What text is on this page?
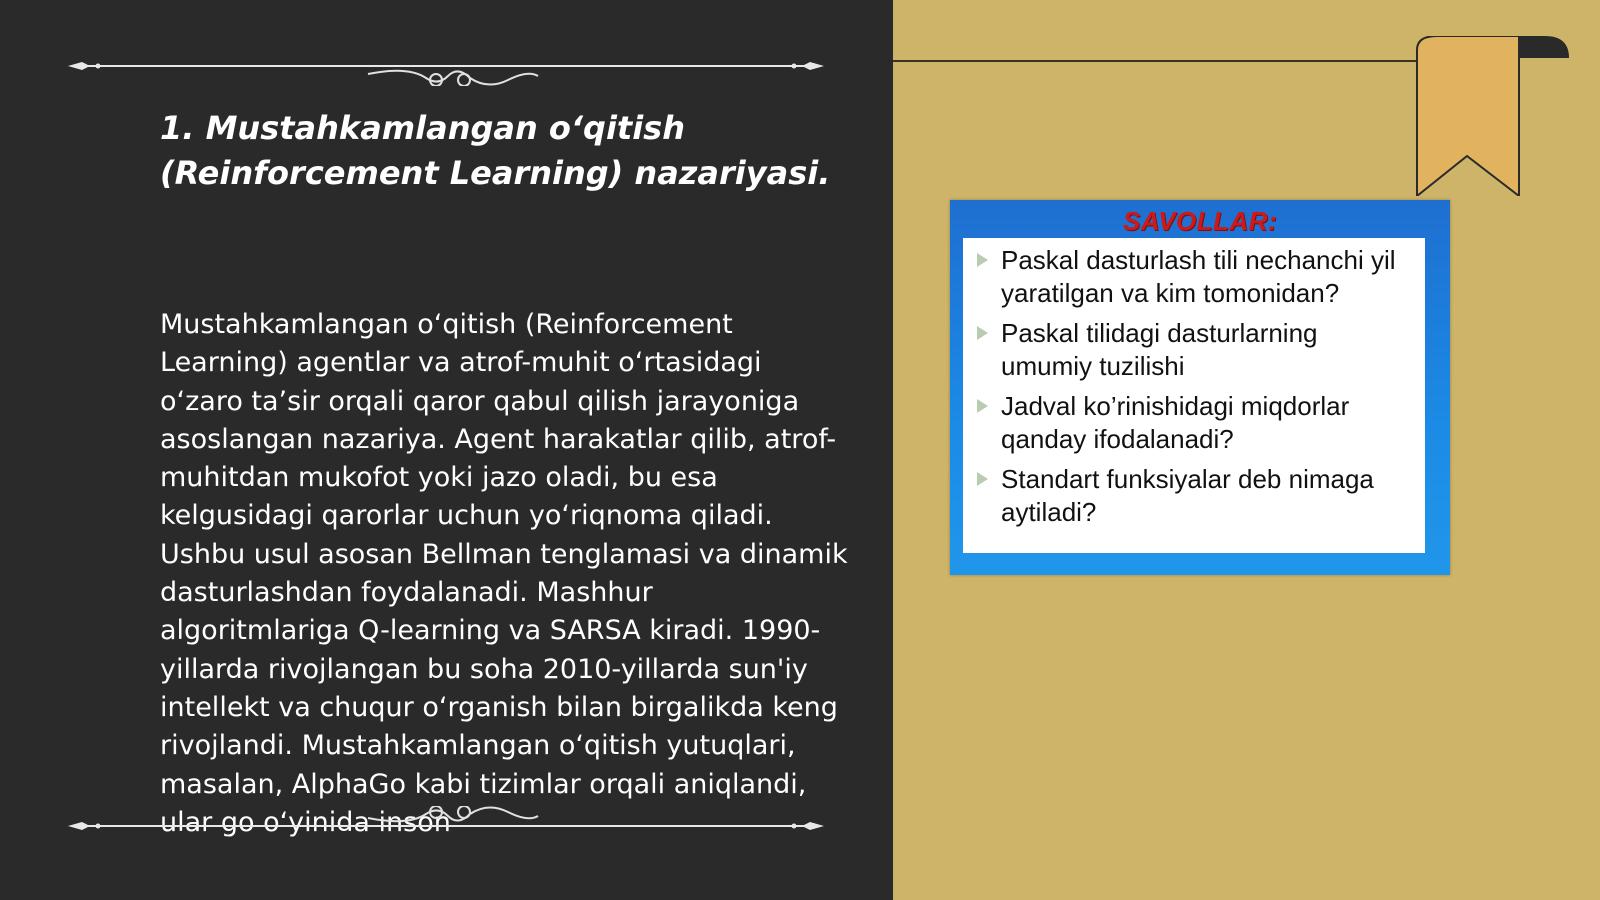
1. Mustahkamlangan o‘qitish (Reinforcement Learning) nazariyasi.

Mustahkamlangan o‘qitish (Reinforcement Learning) agentlar va atrof-muhit o‘rtasidagi o‘zaro ta’sir orqali qaror qabul qilish jarayoniga asoslangan nazariya. Agent harakatlar qilib, atrof-muhitdan mukofot yoki jazo oladi, bu esa kelgusidagi qarorlar uchun yo‘riqnoma qiladi. Ushbu usul asosan Bellman tenglamasi va dinamik dasturlashdan foydalanadi. Mashhur algoritmlariga Q-learning va SARSA kiradi. 1990-yillarda rivojlangan bu soha 2010-yillarda sun'iy intellekt va chuqur o‘rganish bilan birgalikda keng rivojlandi. Mustahkamlangan o‘qitish yutuqlari, masalan, AlphaGo kabi tizimlar orqali aniqlandi, ular go o‘yinida inson

SAVOLLAR:
Paskal dasturlash tili nechanchi yil yaratilgan va kim tomonidan?
Paskal tilidagi dasturlarning umumiy tuzilishi
Jadval ko’rinishidagi miqdorlar qanday ifodalanadi?
Standart funksiyalar deb nimaga aytiladi?
